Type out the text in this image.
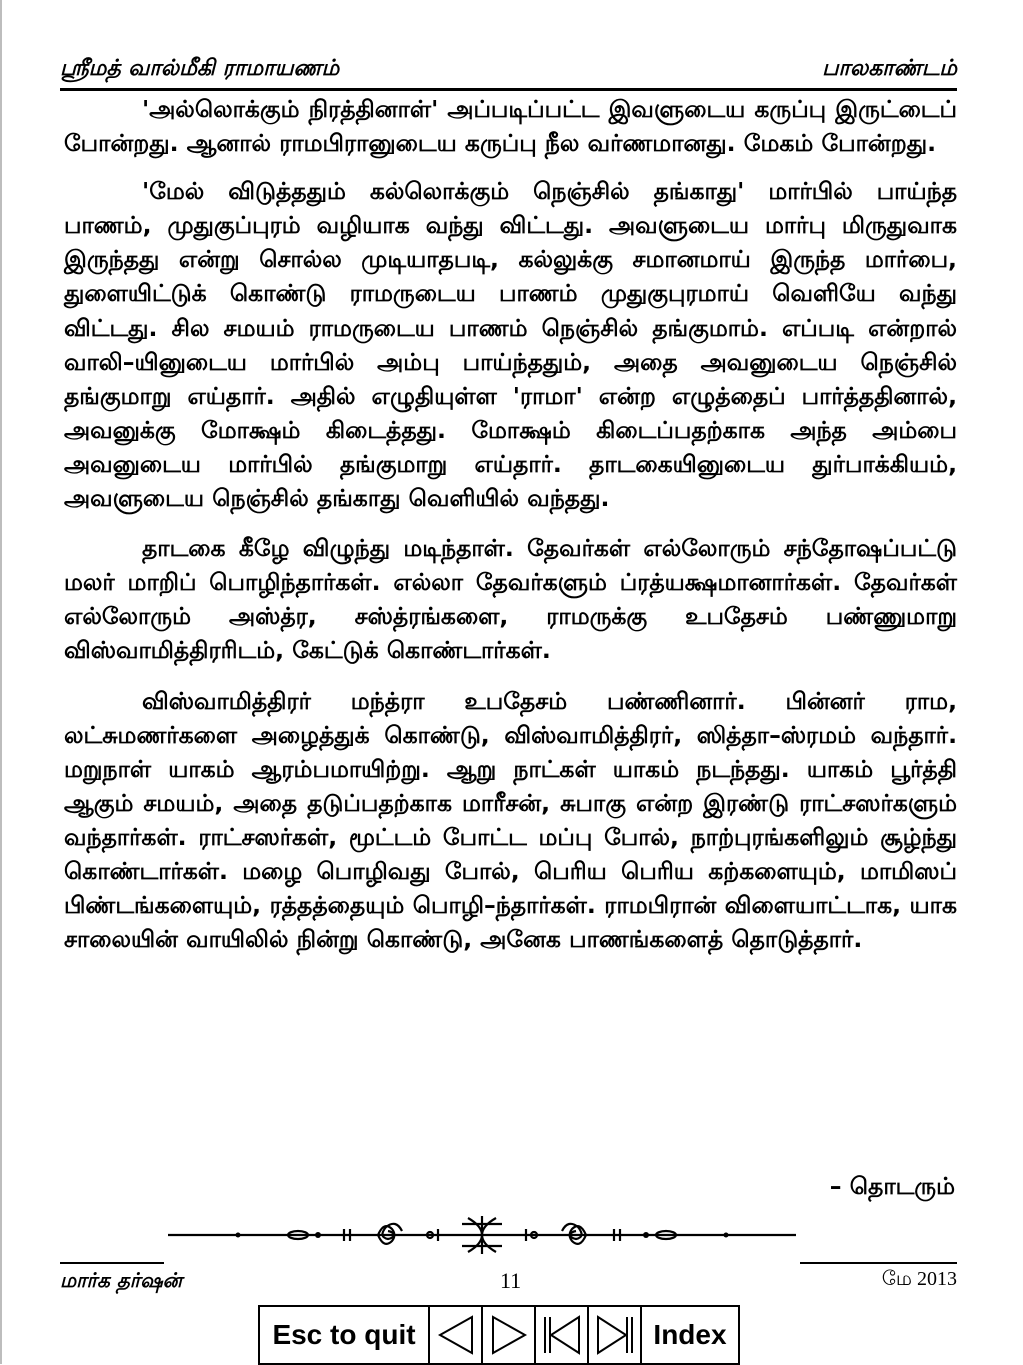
ஸ்ரீமத் வால்மீகி ராமாயணம்	பாலகாண்டம்

'அல்லொக்கும் நிரத்தினாள்' அப்படிப்பட்ட இவளுடைய கருப்பு இருட்டைப் போன்றது. ஆனால் ராமபிரானுடைய கருப்பு நீல வர்ணமானது. மேகம் போன்றது.

'மேல் விடுத்ததும் கல்லொக்கும் நெஞ்சில் தங்காது' மார்பில் பாய்ந்த பாணம், முதுகுப்புரம் வழியாக வந்து விட்டது. அவளுடைய மார்பு மிருதுவாக இருந்தது என்று சொல்ல முடியாதபடி, கல்லுக்கு சமானமாய் இருந்த மார்பை, துளையிட்டுக் கொண்டு ராமருடைய பாணம் முதுகுபுரமாய் வெளியே வந்து விட்டது. சில சமயம் ராமருடைய பாணம் நெஞ்சில் தங்குமாம். எப்படி என்றால் வாலி–யினுடைய மார்பில் அம்பு பாய்ந்ததும், அதை அவனுடைய நெஞ்சில் தங்குமாறு எய்தார். அதில் எழுதியுள்ள 'ராமா' என்ற எழுத்தைப் பார்த்ததினால், அவனுக்கு மோக்ஷம் கிடைத்தது. மோக்ஷம் கிடைப்பதற்காக அந்த அம்பை அவனுடைய மார்பில் தங்குமாறு எய்தார். தாடகையினுடைய துர்பாக்கியம், அவளுடைய நெஞ்சில் தங்காது வெளியில் வந்தது.

தாடகை கீழே விழுந்து மடிந்தாள். தேவர்கள் எல்லோரும் சந்தோஷப்பட்டு மலர் மாறிப் பொழிந்தார்கள். எல்லா தேவர்களும் ப்ரத்யக்ஷமானார்கள். தேவர்கள் எல்லோரும் அஸ்த்ர, சஸ்த்ரங்களை, ராமருக்கு உபதேசம் பண்ணுமாறு விஸ்வாமித்திரரிடம், கேட்டுக் கொண்டார்கள்.

விஸ்வாமித்திரர் மந்த்ரா உபதேசம் பண்ணினார். பின்னர் ராம, லட்சுமணர்களை அழைத்துக் கொண்டு, விஸ்வாமித்திரர், ஸித்தா–ஸ்ரமம் வந்தார். மறுநாள் யாகம் ஆரம்பமாயிற்று. ஆறு நாட்கள் யாகம் நடந்தது. யாகம் பூர்த்தி ஆகும் சமயம், அதை தடுப்பதற்காக மாரீசன், சுபாகு என்ற இரண்டு ராட்சஸர்களும் வந்தார்கள். ராட்சஸர்கள், மூட்டம் போட்ட மப்பு போல், நாற்புரங்களிலும் சூழ்ந்து கொண்டார்கள். மழை பொழிவது போல், பெரிய பெரிய கற்களையும், மாமிஸப் பிண்டங்களையும், ரத்தத்தையும் பொழி–ந்தார்கள். ராமபிரான் விளையாட்டாக, யாக சாலையின் வாயிலில் நின்று கொண்டு, அனேக பாணங்களைத் தொடுத்தார்.

– தொடரும்
மார்க தர்ஷன்	11	மே 2013
Esc to quit	Index
